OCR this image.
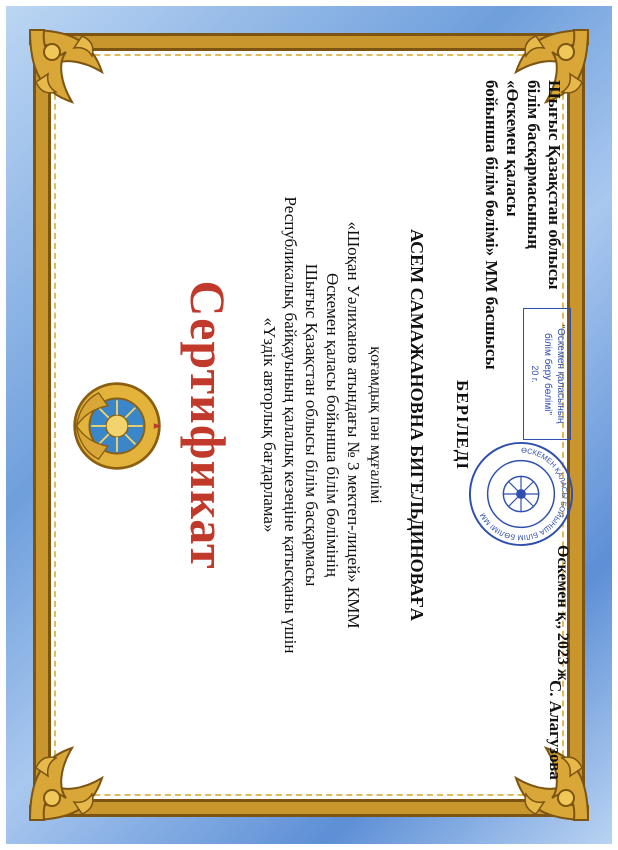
Сертификат «Үздік авторлық бағдарлама» Республикалық байқауының қалалық кезеңіне қатысқаны үшін Шығыс Қазақстан облысы білім басқармасы Өскемен қаласы бойынша білім бөлімінің «Шоқан Уәлиханов атындағы № 3 мектеп-лицей» КММ қоғамдық пән мұғалімі АСЕМ САМАЖАНОВНА БИГЕЛЬДИНОВАҒА БЕРІЛЕДІ
Шығыс Қазақстан облысы
білім басқармасының
«Өскемен қаласы
бойынша білім бөлімі» ММ басшысы
"Өскемен қаласының
білім беру бөлімі"
20 г.
ӨСКЕМЕН ҚАЛАСЫ БОЙЫНША БІЛІМ БӨЛІМІ ММ
Өскемен қ., 2023 ж.
С. Алагузова
